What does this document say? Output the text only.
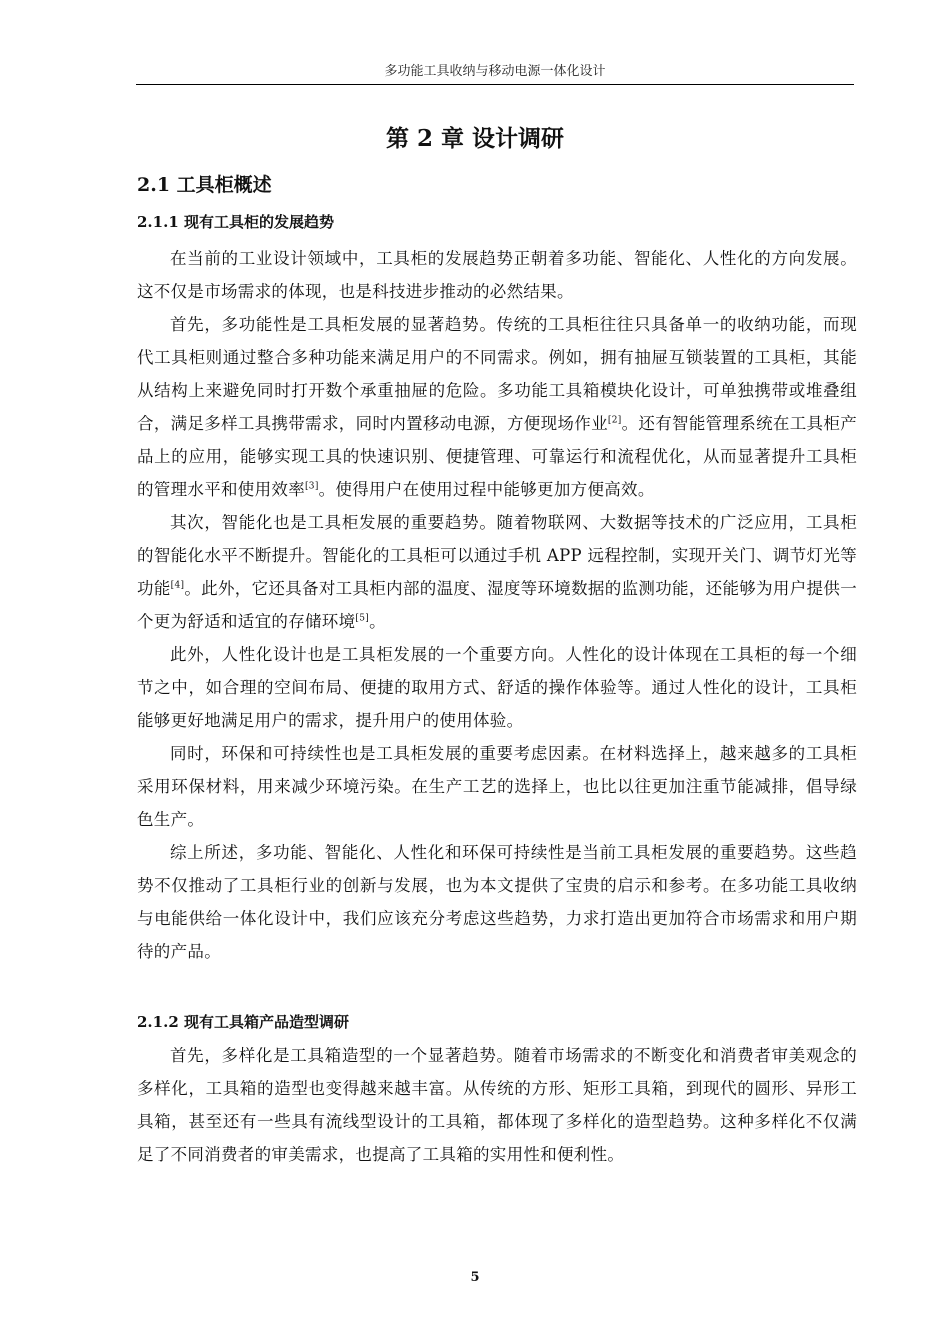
多功能工具收纳与移动电源一体化设计
第 2 章 设计调研
2.1 工具柜概述
2.1.1 现有工具柜的发展趋势

在当前的工业设计领域中，工具柜的发展趋势正朝着多功能、智能化、人性化的方向发展。这不仅是市场需求的体现，也是科技进步推动的必然结果。

首先，多功能性是工具柜发展的显著趋势。传统的工具柜往往只具备单一的收纳功能，而现代工具柜则通过整合多种功能来满足用户的不同需求。例如，拥有抽屉互锁装置的工具柜，其能从结构上来避免同时打开数个承重抽屉的危险。多功能工具箱模块化设计，可单独携带或堆叠组合，满足多样工具携带需求，同时内置移动电源，方便现场作业[2]。还有智能管理系统在工具柜产品上的应用，能够实现工具的快速识别、便捷管理、可靠运行和流程优化，从而显著提升工具柜的管理水平和使用效率[3]。使得用户在使用过程中能够更加方便高效。

其次，智能化也是工具柜发展的重要趋势。随着物联网、大数据等技术的广泛应用，工具柜的智能化水平不断提升。智能化的工具柜可以通过手机 APP 远程控制，实现开关门、调节灯光等功能[4]。此外，它还具备对工具柜内部的温度、湿度等环境数据的监测功能，还能够为用户提供一个更为舒适和适宜的存储环境[5]。

此外，人性化设计也是工具柜发展的一个重要方向。人性化的设计体现在工具柜的每一个细节之中，如合理的空间布局、便捷的取用方式、舒适的操作体验等。通过人性化的设计，工具柜能够更好地满足用户的需求，提升用户的使用体验。

同时，环保和可持续性也是工具柜发展的重要考虑因素。在材料选择上，越来越多的工具柜采用环保材料，用来减少环境污染。在生产工艺的选择上，也比以往更加注重节能减排，倡导绿色生产。

综上所述，多功能、智能化、人性化和环保可持续性是当前工具柜发展的重要趋势。这些趋势不仅推动了工具柜行业的创新与发展，也为本文提供了宝贵的启示和参考。在多功能工具收纳与电能供给一体化设计中，我们应该充分考虑这些趋势，力求打造出更加符合市场需求和用户期待的产品。

2.1.2 现有工具箱产品造型调研

首先，多样化是工具箱造型的一个显著趋势。随着市场需求的不断变化和消费者审美观念的多样化，工具箱的造型也变得越来越丰富。从传统的方形、矩形工具箱，到现代的圆形、异形工具箱，甚至还有一些具有流线型设计的工具箱，都体现了多样化的造型趋势。这种多样化不仅满足了不同消费者的审美需求，也提高了工具箱的实用性和便利性。

5
